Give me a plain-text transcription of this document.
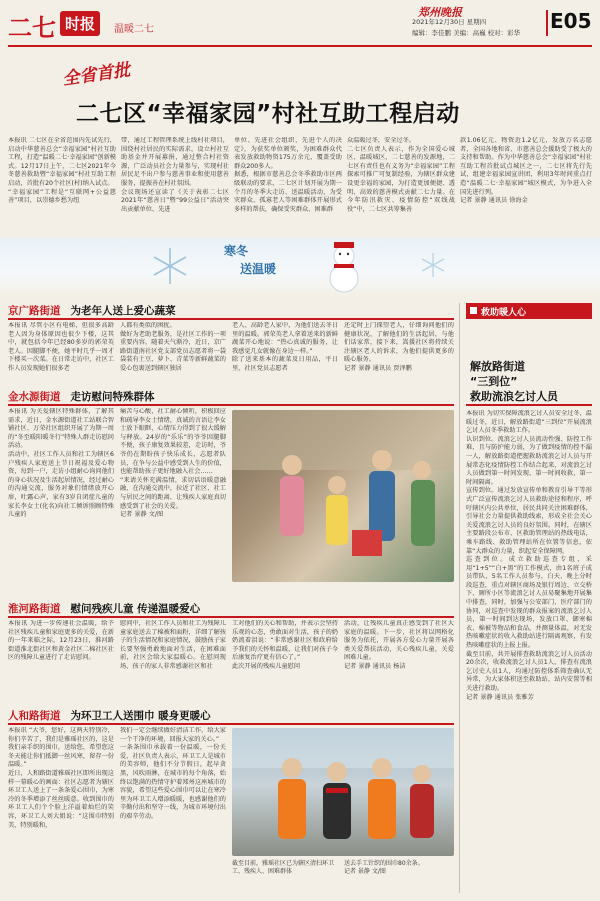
二七 时报	温暖二七
郑州晚报
2021年12月30日 星期四
编辑：李佳鹏 美编：高巍 校对：彩华 E05
全省首批
二七区“幸福家园”村社互助工程启动
本报讯 二七区在全省范围内先试先行，启动中华慈善总会“幸福家园”村社互助工程，打造“温暖二七·幸福家园”创新模式。12月17日上午，二七区2021年今冬慈善救助暨“幸福家园”村社互助工程启动，首批有20个社区(村)纳入试点。
“幸福家园”工程是“互联网+公益慈善”项目，以崇德乡愁为纽
带，通过工程管理系统上线村社项目，围绕村社居民的实际需求，设立村社互助基金并开展募捐，通过整合村社资源，广泛动员社会力量参与，实现村社居民足不出户参与慈善事业和使用慈善服务，提振善在村社氛围。
会议现场还宣读了《关于表彰二七区2021年“慈善日”暨“99公益日”活动突出贡献单位、先进
单位、先进社会组织、先进个人的决定》，为获奖单位颁奖，为困难群众代表发放救助物资175万余元，覆盖受助群众200多人。
据悉，根据市慈善总会冬季救助市区两级联动的要求，二七区计划开展为期一个月的冬季大走访、送温暖活动，为受灾群众、孤寡老人等困难群体开展形式多样的帮扶，确保受灾群众、困难群
众温暖过冬，安全过冬。
二七区负责人表示，作为全国爱心城区、温暖城区，二七慈善的发源地，二七区有责任也有义务为“幸福家园”工程探索可推广可复制经验，为辖区群众建设更幸福的家园，为打造更加便捷、透明、高效的慈善模式贡献二七力量。在今年防汛救灾、疫情防控“双线战役”中，二七区共筹集善
款1.06亿元、物资近1.2亿元，发放万名志愿者，全国各地和省、市慈善总会援助受了极大的支持和帮助。作为中华慈善总会“幸福家园”村社互助工程首批试点城区之一，二七区将先行先试，组建幸福家园宣讲团，利用3年时间重点打造“温暖二七·幸福家园”城区模式，为争进入全国先进行列。
记者 景静 通讯员 徐海金
寒冬
送温暖
京广路街道 为老年人送上爱心蔬菜
本报讯 尽管小区有电梯，但很多高龄老人因为身体原因也很少下楼，这其中，就包括今年已经80多岁的郭荣英老人。因腿脚不便，她平时几乎一周才下楼买一次菜。在日常走访中，社区工作人员发现她们很多老
人都有类似的困扰。
做好为老助老服务，是社区工作的一项重要内容，随着天气渐冷，近日，京广路街道南社区党支部党员志愿者将一袋袋装有土豆、萝卜、青菜等新鲜蔬菜的爱心包裹送到辖区独居
老人、高龄老人家中，为他们送去冬日里的温暖。郭荣英老人拿着送来的新鲜蔬菜开心地说：“热心真诚的服务，让我感觉几女就像在身边一样。”
除了送来基本的蔬菜及日用品，平日里，社区党员志愿者
还定时上门探望老人，仔细询问他们的健康状况，了解他们的生活起居，与他们话家常，接下来，嵩援社区将持续关注辖区老人的诉求，为他们提供更多的暖心服务。
记者 景静 通讯员 贾泽鹏
金水源街道 走访慰问特殊群体
本报讯 为关爱辖区特殊群体，了解其需求，近日，金水源街道社工站联合智铺社区、万荣社区组织开展了为期一周的“冬至暖阳暖冬行”特殊人群走访慰问活动。
活动中，社区工作人员和社工为辖区6户残疾人家庭送上节日祝福及爱心物资，每到一户，走访小组耐心询问他们的身心状况及生活起居情况，经过耐心的沟通交流，服务对象们情绪放开心扉，吐露心声，家有3岁自闭症儿童的家长李女士(化名)向社工倾诉照顾特殊儿童的
痛苦与心酸，社工耐心倾听，积极回应和疏导李女士情绪，真诚的言语让李女士放下眼眶，心情压力得到了很大缓解与释放。24岁的“乐乐”的爷爷因腿脚不便，孩子康复效果较差，走访时，爷爷仍在期盼孩子快乐成长，志愿者队员，在争与公益中感受到人生的价值，也能帮助孩子更好地融入社会……
“来请关怀充满温情，求切话语暖意融融，在沟通交流中，拉近了社区、社工与居民之间的距离，让残疾人家庭真切感受到了社会的关爱。
记者 景静 文/图
淮河路街道 慰问残疾儿童 传递温暖爱心
本报讯 为进一步传递社会温暖，给予社区残疾儿童和家庭更多的关爱，在新的一年来临之际，12月23日，淮河路街道淮北街社区和黄金社区二棉社区社区的残障儿童进行了走访慰问。
慰问中，社区工作人员和社工为残障儿童家庭送去了棉被和面粉，详细了解孩子的生活情况和家庭情况，鼓励孩子家长要坚强勇敢地面对生活，在困难面前，社区会给大家温暖心。在慰问现场，孩子的家人非常感谢社区和社
工对他们的关心和帮助，并表示会坚持乐观的心态，勇敢面对生活，孩子的奶奶流着泪说：“非常感谢社区和政府给予我们的关怀和温暖，让我们对孩子今后康复治疗更有信心了。”
此次开展的残疾儿童慰问
活动，让残疾儿童真正感受到了社区大家庭的温暖。下一步，社区将以网格化服务为依托，开展各方爱心力量开展各类关爱帮扶活动，关心残疾儿童，关爱困难儿童。
记者 景静 通讯员 杨洁
人和路街道 为环卫工人送围巾 暖身更暖心
本报讯 “大爷，您好，这两天特别冷，你们辛苦了，我们是雅瑶社区的，这是我们亲手织的围巾，送给您，希望您这冬天能让你们抵御一丝风寒，留存一份温暖。”
近日，人和路街道雅瑶社区即所出现这样一幕暖心的画面：社区志愿者为辖区环卫工人送上了一条条爱心围巾，为寒冷的冬季增添了丝丝暖意。收到围巾的环卫工人们个个脸上洋溢着灿烂的笑容，环卫工人刘大姐说：“这围巾特别美，特别暖和，
我们一定会继续做好清洁工作，给大家一个干净的环境，回报大家的关心。”
一条条围巾承载着一份温暖，一份关爱，社区负责人表示，环卫工人是城市的美容师，他们不分节假日，起早贪黑，风吹雨淋，在城市的每个角落，始终以饱满的热情守护着郑州这座城市的容貌，希望这些爱心围巾可以让在寒冷里为环卫工人增添暖暖，也感谢他们的辛勤付出和坚守一线，为城市环境付出的艰辛劳动。
截至目前，雅瑶社区已为辖区清扫环卫工、残疾人、困难群体
送去手工针织的围巾80余条。
记者 景静 文/图
救助暖人心
解放路街道
“三到位”
救助流浪乞讨人员
本报讯 为切实保障流浪乞讨人员安全过冬，温暖过冬，近日，解放路街道“三到位”开展流浪乞讨人员冬季救助工作。
认识到位。流浪乞讨人员流动性强、防控工作难，且与防护能力弱，为了做到疫情的控不漏一人，解放路街道把握救助流浪乞讨人员与开展常态化疫情防控工作结合起来，对流浪乞讨人员做到第一时间发现、第一时间收救、第一时间隔离。
宣传到位。通过发放宣传单和教育引导干等形式广泛宣传流浪乞讨人员救助途径和程序，呼吁辖区内公共单位，居民共同关注困难群体，引导社会力量提供救助线索，形成全社会关心关爱流浪乞讨人员的良好氛围。同时，在辖区主要路段公布市、区救助管理站的热线电话，乘车路线、救助管理站所在位置等信息，依靠“大群众的力量，织起安全保障网。
巡查到位。成立救助巡查专组，采用“1+5”“白+黑”的工作模式，由1名班子成员带队，5名工作人员参与，白天、晚上分时段巡查，重点对辖区商场及银行周边、立交桥下、厕所小区等流浪乞讨人员易聚集地开展集中排查，同时，加强与公安部门、医疗部门的协同，对巡查中发现的群众报案的流浪乞讨人员，第一时间到达现场，发放口罩、御寒棉衣、棉被等物品和食品，并测量体温，对无发热咳嗽症状的收入救助站进行隔离观察，有发热咳嗽症状的上报上报。
截至目前，共开展排查救助流浪乞讨人员活动20余次，收救流浪乞讨人员1人，排查有流浪乞讨史人员1人，均通过防控体系筛查确认无异常，为大家体积送至救助站，站内安置等相关进行救助。
记者 景静 通讯员 张雅芳
